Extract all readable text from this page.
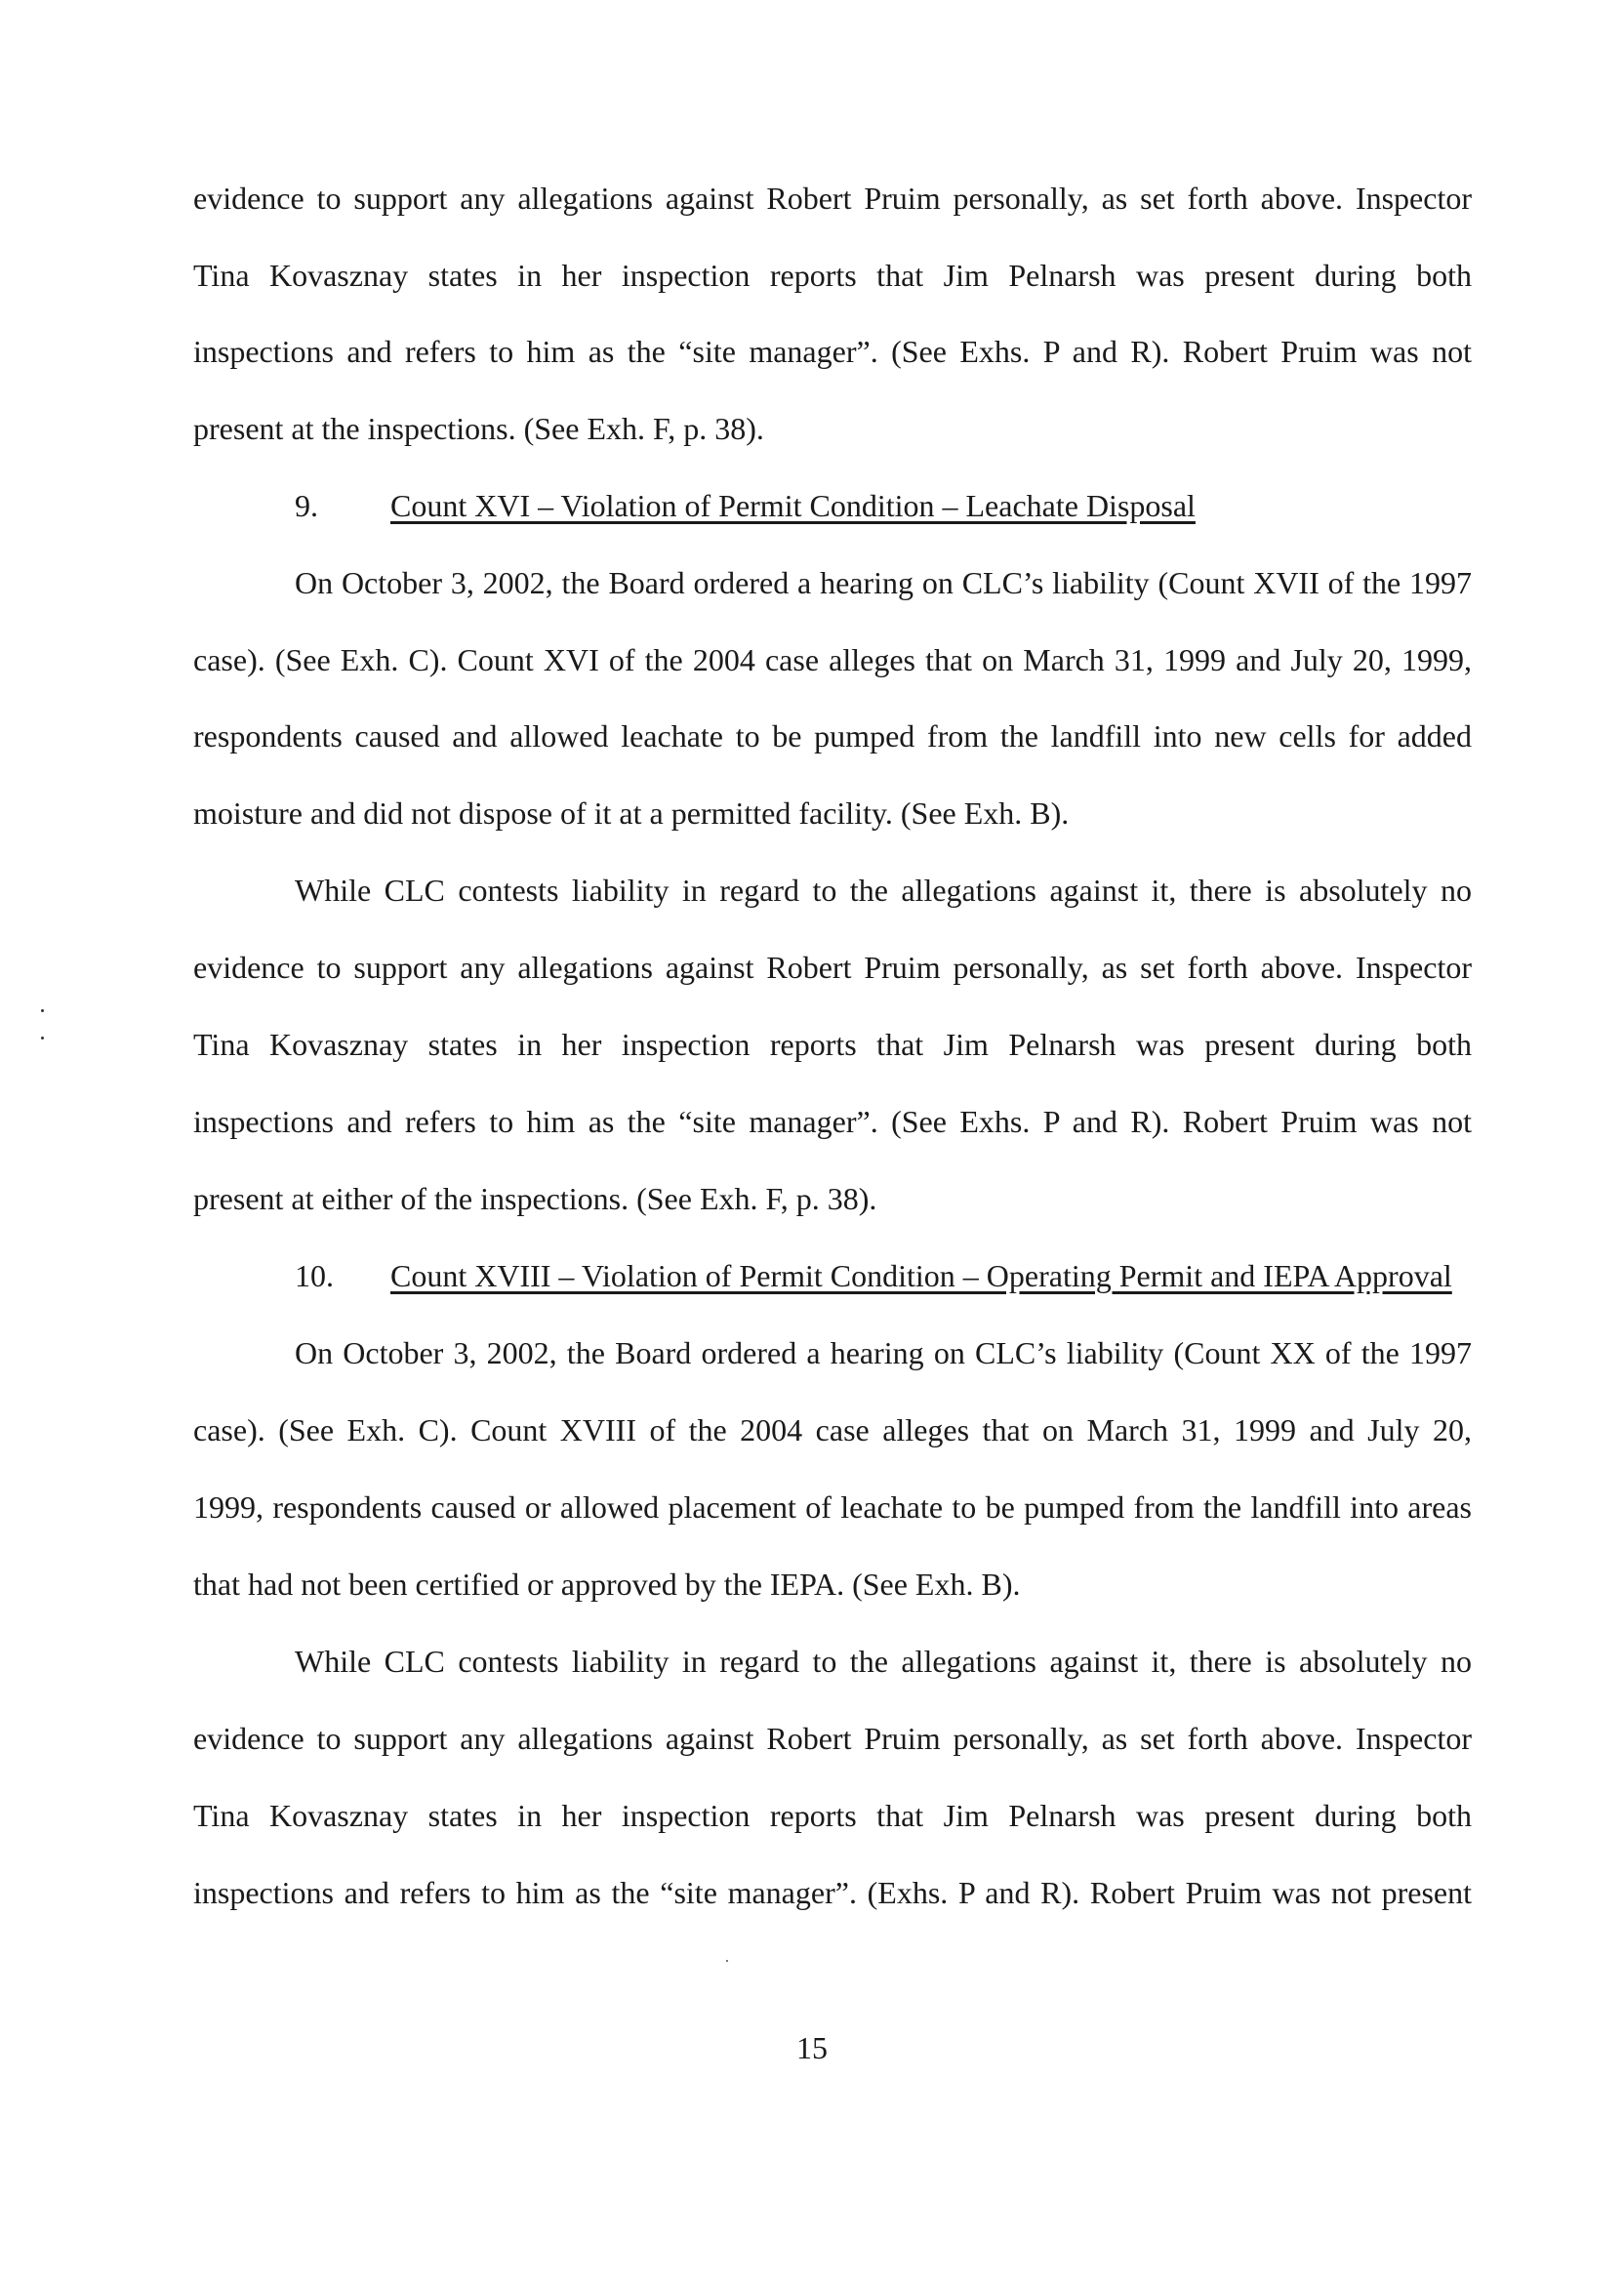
evidence to support any allegations against Robert Pruim personally, as set forth above. Inspector
Tina Kovasznay states in her inspection reports that Jim Pelnarsh was present during both
inspections and refers to him as the “site manager”. (See Exhs. P and R). Robert Pruim was not
present at the inspections. (See Exh. F, p. 38).
9. Count XVI – Violation of Permit Condition – Leachate Disposal
On October 3, 2002, the Board ordered a hearing on CLC’s liability (Count XVII of the 1997
case). (See Exh. C). Count XVI of the 2004 case alleges that on March 31, 1999 and July 20, 1999,
respondents caused and allowed leachate to be pumped from the landfill into new cells for added
moisture and did not dispose of it at a permitted facility. (See Exh. B).
While CLC contests liability in regard to the allegations against it, there is absolutely no
evidence to support any allegations against Robert Pruim personally, as set forth above. Inspector
Tina Kovasznay states in her inspection reports that Jim Pelnarsh was present during both
inspections and refers to him as the “site manager”. (See Exhs. P and R). Robert Pruim was not
present at either of the inspections. (See Exh. F, p. 38).
10. Count XVIII – Violation of Permit Condition – Operating Permit and IEPA Approval
On October 3, 2002, the Board ordered a hearing on CLC’s liability (Count XX of the 1997
case). (See Exh. C). Count XVIII of the 2004 case alleges that on March 31, 1999 and July 20,
1999, respondents caused or allowed placement of leachate to be pumped from the landfill into areas
that had not been certified or approved by the IEPA. (See Exh. B).
While CLC contests liability in regard to the allegations against it, there is absolutely no
evidence to support any allegations against Robert Pruim personally, as set forth above. Inspector
Tina Kovasznay states in her inspection reports that Jim Pelnarsh was present during both
inspections and refers to him as the “site manager”. (Exhs. P and R). Robert Pruim was not present
15
